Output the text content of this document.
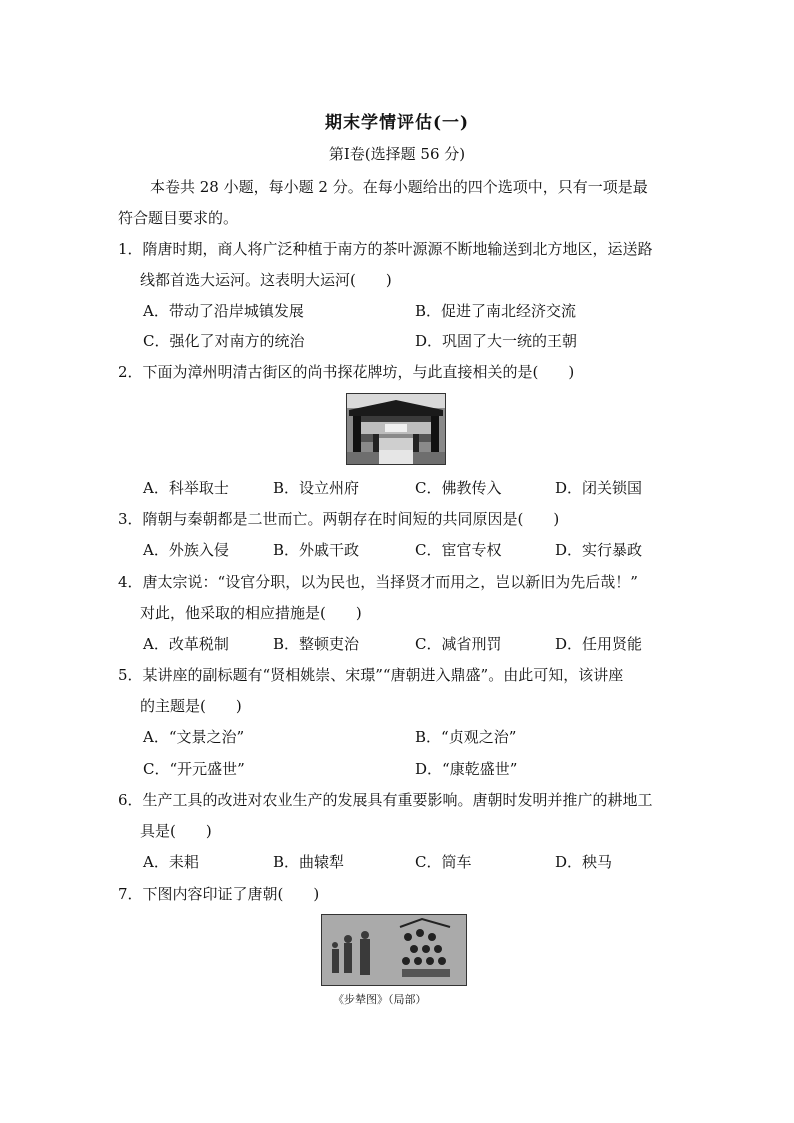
期末学情评估(一)
第Ⅰ卷(选择题 56 分)
本卷共 28 小题，每小题 2 分。在每小题给出的四个选项中，只有一项是最
符合题目要求的。
1．隋唐时期，商人将广泛种植于南方的茶叶源源不断地输送到北方地区，运送路
线都首选大运河。这表明大运河(　　)
A．带动了沿岸城镇发展	B．促进了南北经济交流
C．强化了对南方的统治	D．巩固了大一统的王朝
2．下面为漳州明清古街区的尚书探花牌坊，与此直接相关的是(　　)
A．科举取士	B．设立州府	C．佛教传入	D．闭关锁国
3．隋朝与秦朝都是二世而亡。两朝存在时间短的共同原因是(　　)
A．外族入侵	B．外戚干政	C．宦官专权	D．实行暴政
4．唐太宗说：“设官分职，以为民也，当择贤才而用之，岂以新旧为先后哉！”
对此，他采取的相应措施是(　　)
A．改革税制	B．整顿吏治	C．减省刑罚	D．任用贤能
5．某讲座的副标题有“贤相姚崇、宋璟”“唐朝进入鼎盛”。由此可知，该讲座
的主题是(　　)
A．“文景之治”	B．“贞观之治”
C．“开元盛世”	D．“康乾盛世”
6．生产工具的改进对农业生产的发展具有重要影响。唐朝时发明并推广的耕地工
具是(　　)
A．耒耜	B．曲辕犁	C．筒车	D．秧马
7．下图内容印证了唐朝(　　)
《步辇图》（局部）
